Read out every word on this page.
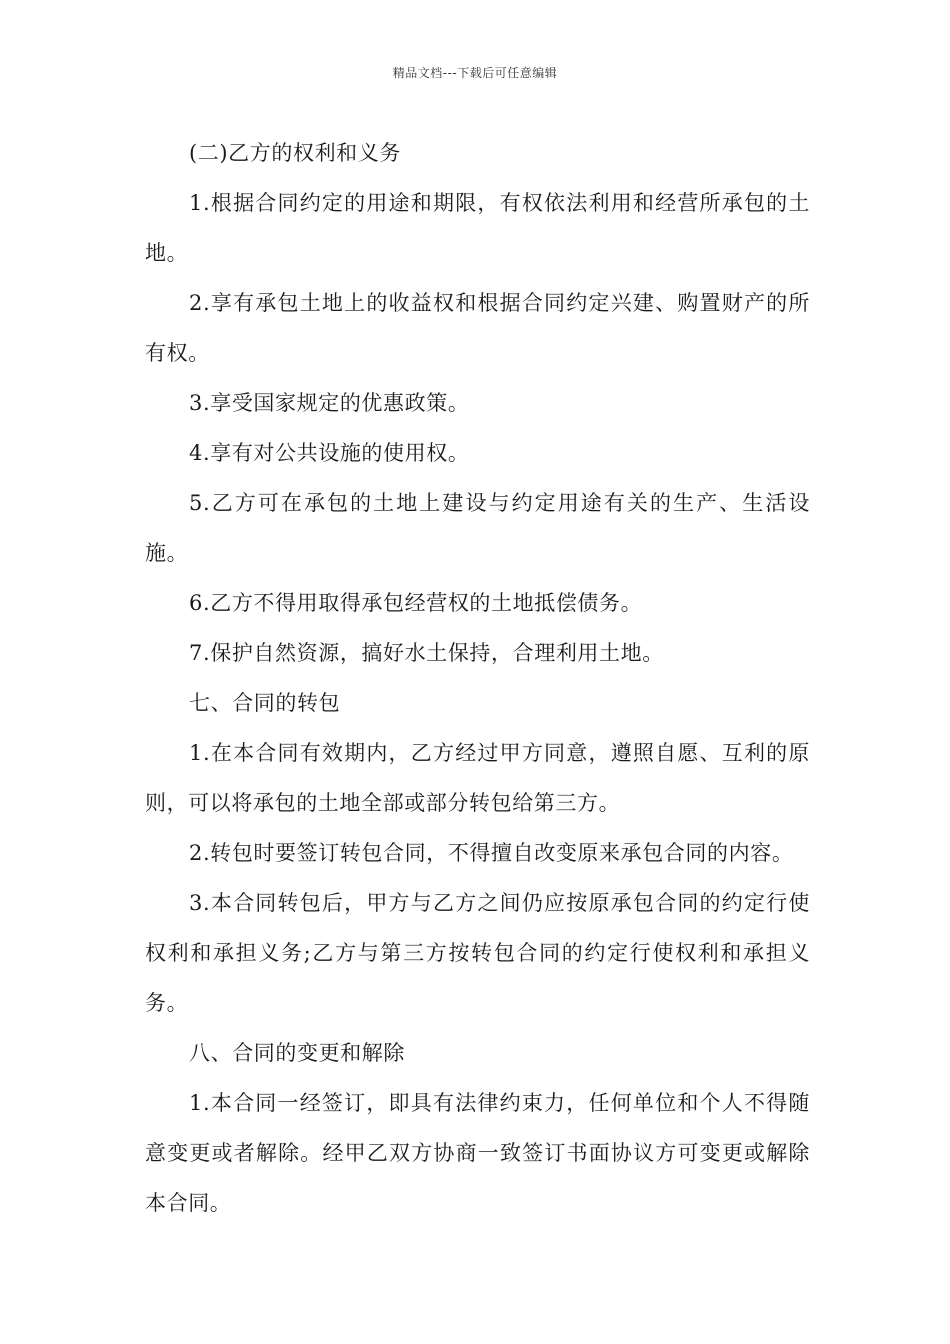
精品文档---下载后可任意编辑

(二)乙方的权利和义务

1.根据合同约定的用途和期限，有权依法利用和经营所承包的土地。

2.享有承包土地上的收益权和根据合同约定兴建、购置财产的所有权。

3.享受国家规定的优惠政策。

4.享有对公共设施的使用权。

5.乙方可在承包的土地上建设与约定用途有关的生产、生活设施。

6.乙方不得用取得承包经营权的土地抵偿债务。

7.保护自然资源，搞好水土保持，合理利用土地。

七、合同的转包

1.在本合同有效期内，乙方经过甲方同意，遵照自愿、互利的原则，可以将承包的土地全部或部分转包给第三方。

2.转包时要签订转包合同，不得擅自改变原来承包合同的内容。

3.本合同转包后，甲方与乙方之间仍应按原承包合同的约定行使权利和承担义务;乙方与第三方按转包合同的约定行使权利和承担义务。

八、合同的变更和解除

1.本合同一经签订，即具有法律约束力，任何单位和个人不得随意变更或者解除。经甲乙双方协商一致签订书面协议方可变更或解除本合同。
